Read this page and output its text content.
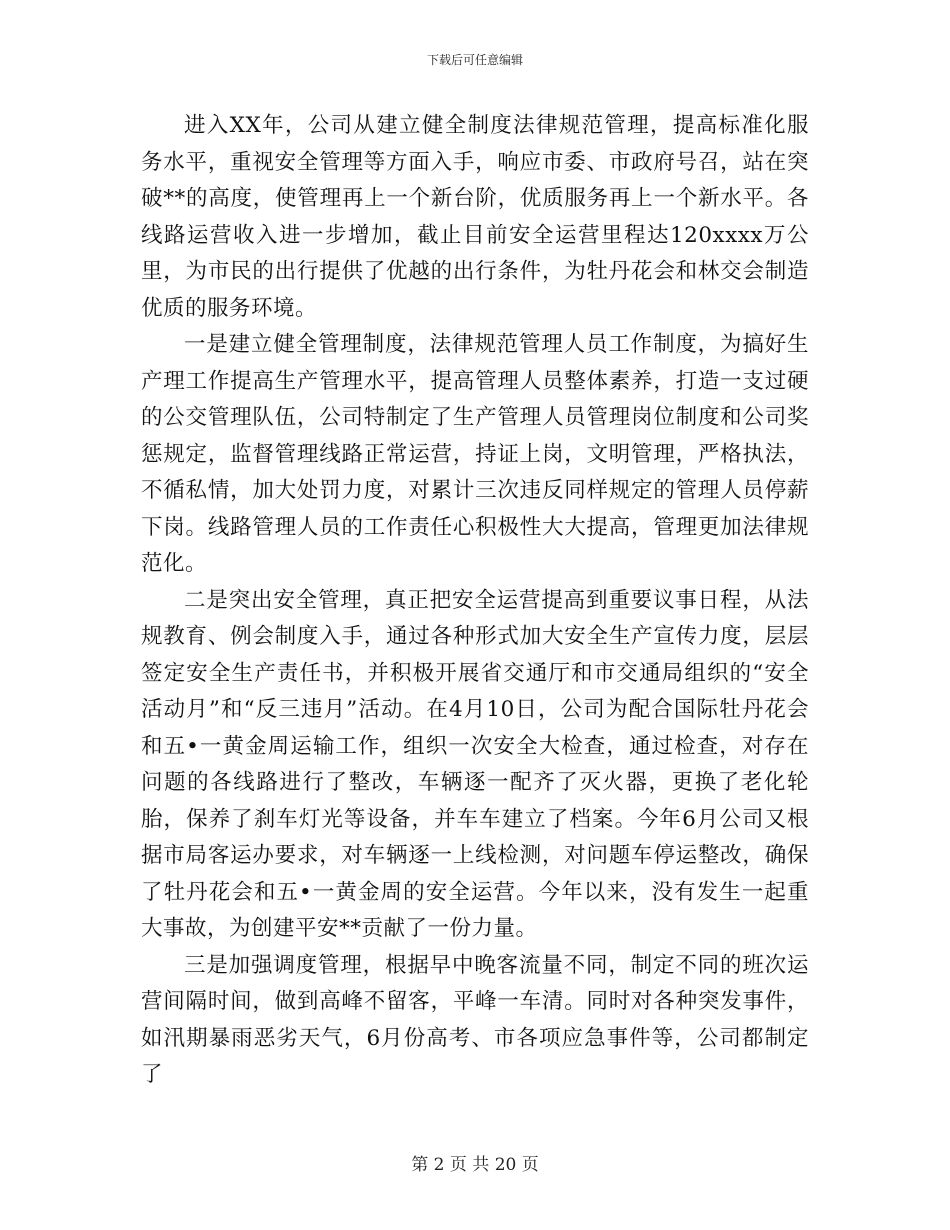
下载后可任意编辑

进入XX年，公司从建立健全制度法律规范管理，提高标准化服务水平，重视安全管理等方面入手，响应市委、市政府号召，站在突破**的高度，使管理再上一个新台阶，优质服务再上一个新水平。各线路运营收入进一步增加，截止目前安全运营里程达120xxxx万公里，为市民的出行提供了优越的出行条件，为牡丹花会和林交会制造优质的服务环境。

一是建立健全管理制度，法律规范管理人员工作制度，为搞好生产理工作提高生产管理水平，提高管理人员整体素养，打造一支过硬的公交管理队伍，公司特制定了生产管理人员管理岗位制度和公司奖惩规定，监督管理线路正常运营，持证上岗，文明管理，严格执法，不循私情，加大处罚力度，对累计三次违反同样规定的管理人员停薪下岗。线路管理人员的工作责任心积极性大大提高，管理更加法律规范化。

二是突出安全管理，真正把安全运营提高到重要议事日程，从法规教育、例会制度入手，通过各种形式加大安全生产宣传力度，层层签定安全生产责任书，并积极开展省交通厅和市交通局组织的“安全活动月”和“反三违月”活动。在4月10日，公司为配合国际牡丹花会和五•一黄金周运输工作，组织一次安全大检查，通过检查，对存在问题的各线路进行了整改，车辆逐一配齐了灭火器，更换了老化轮胎，保养了刹车灯光等设备，并车车建立了档案。今年6月公司又根据市局客运办要求，对车辆逐一上线检测，对问题车停运整改，确保了牡丹花会和五•一黄金周的安全运营。今年以来，没有发生一起重大事故，为创建平安**贡献了一份力量。

三是加强调度管理，根据早中晚客流量不同，制定不同的班次运营间隔时间，做到高峰不留客，平峰一车清。同时对各种突发事件，如汛期暴雨恶劣天气，6月份高考、市各项应急事件等，公司都制定了

第 2 页 共 20 页
